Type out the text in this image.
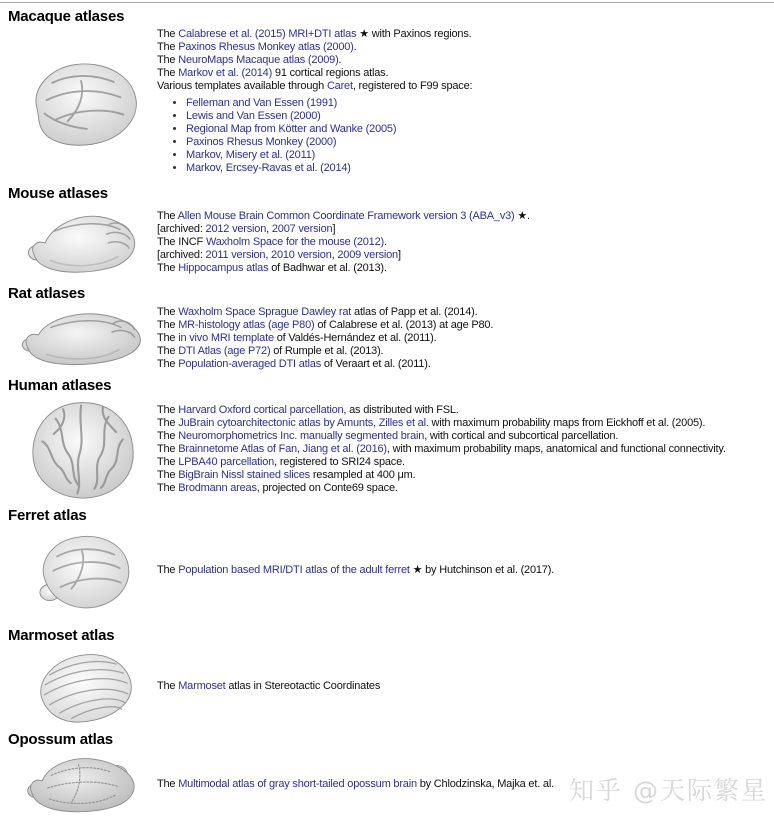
Macaque atlases

The Calabrese et al. (2015) MRI+DTI atlas ★ with Paxinos regions.

The Paxinos Rhesus Monkey atlas (2000).

The NeuroMaps Macaque atlas (2009).

The Markov et al. (2014) 91 cortical regions atlas.

Various templates available through Caret, registered to F99 space:

• Felleman and Van Essen (1991)
• Lewis and Van Essen (2000)
• Regional Map from Kötter and Wanke (2005)
• Paxinos Rhesus Monkey (2000)
• Markov, Misery et al. (2011)
• Markov, Ercsey-Ravas et al. (2014)
Mouse atlases

The Allen Mouse Brain Common Coordinate Framework version 3 (ABA_v3) ★.

[archived: 2012 version, 2007 version]

The INCF Waxholm Space for the mouse (2012).

[archived: 2011 version, 2010 version, 2009 version]

The Hippocampus atlas of Badhwar et al. (2013).

Rat atlases

The Waxholm Space Sprague Dawley rat atlas of Papp et al. (2014).

The MR-histology atlas (age P80) of Calabrese et al. (2013) at age P80.

The in vivo MRI template of Valdés-Hernández et al. (2011).

The DTI Atlas (age P72) of Rumple et al. (2013).

The Population-averaged DTI atlas of Veraart et al. (2011).

Human atlases

The Harvard Oxford cortical parcellation, as distributed with FSL.

The JuBrain cytoarchitectonic atlas by Amunts, Zilles et al. with maximum probability maps from Eickhoff et al. (2005).

The Neuromorphometrics Inc. manually segmented brain, with cortical and subcortical parcellation.

The Brainnetome Atlas of Fan, Jiang et al. (2016), with maximum probability maps, anatomical and functional connectivity.

The LPBA40 parcellation, registered to SRI24 space.

The BigBrain Nissl stained slices resampled at 400 μm.

The Brodmann areas, projected on Conte69 space.

Ferret atlas

The Population based MRI/DTI atlas of the adult ferret ★ by Hutchinson et al. (2017).

Marmoset atlas

The Marmoset atlas in Stereotactic Coordinates

Opossum atlas

The Multimodal atlas of gray short-tailed opossum brain by Chlodzinska, Majka et. al. 知乎 @天际繁星
